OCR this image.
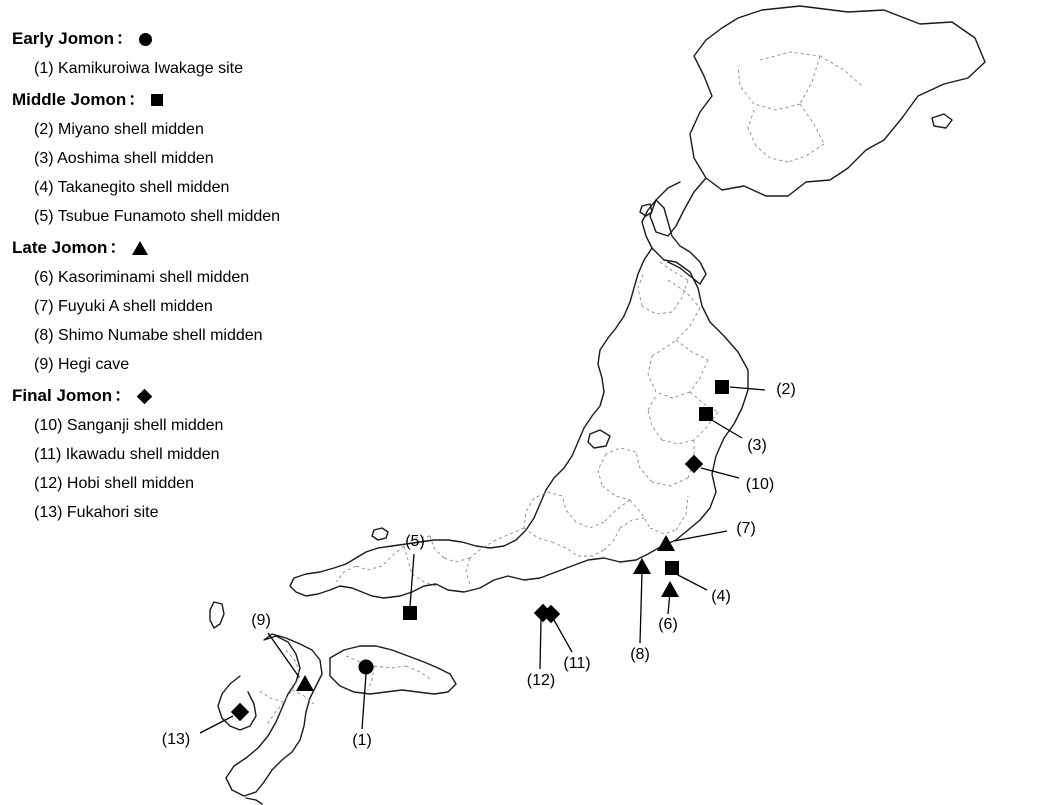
(1)
(2)
(3)
(4)
(5)
(6)
(7)
(8)
(9)
(10)
(11)
(12)
(13)
Early Jomon ：
(1) Kamikuroiwa Iwakage site
Middle Jomon ：
(2) Miyano shell midden
(3) Aoshima shell midden
(4) Takanegito shell midden
(5) Tsubue Funamoto shell midden
Late Jomon ：
(6) Kasoriminami shell midden
(7) Fuyuki A shell midden
(8) Shimo Numabe shell midden
(9) Hegi cave
Final Jomon ：
(10) Sanganji shell midden
(11) Ikawadu shell midden
(12) Hobi shell midden
(13) Fukahori site
